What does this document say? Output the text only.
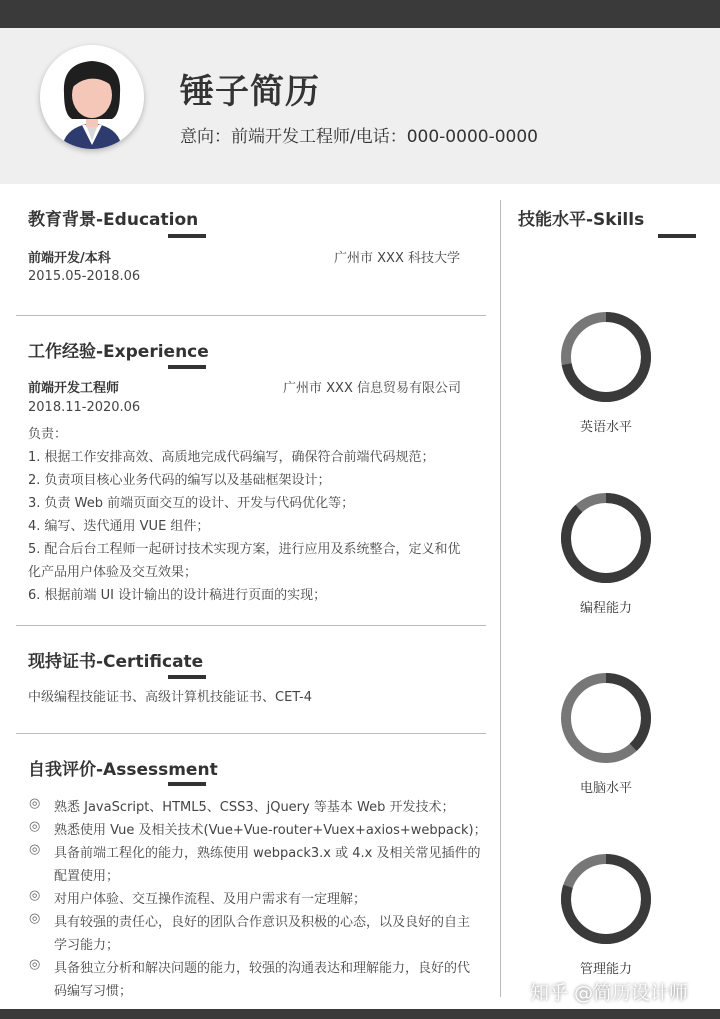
锤子简历
意向：前端开发工程师/电话：000-0000-0000
教育背景-Education
前端开发/本科	广州市 XXX 科技大学
2015.05-2018.06
工作经验-Experience
前端开发工程师	广州市 XXX 信息贸易有限公司
2018.11-2020.06
负责：
1. 根据工作安排高效、高质地完成代码编写，确保符合前端代码规范；
2. 负责项目核心业务代码的编写以及基础框架设计；
3. 负责 Web 前端页面交互的设计、开发与代码优化等；
4. 编写、迭代通用 VUE 组件；
5. 配合后台工程师一起研讨技术实现方案，进行应用及系统整合，定义和优
化产品用户体验及交互效果；
6. 根据前端 UI 设计输出的设计稿进行页面的实现；
现持证书-Certificate
中级编程技能证书、高级计算机技能证书、CET-4
自我评价-Assessment
◎ 熟悉 JavaScript、HTML5、CSS3、jQuery 等基本 Web 开发技术；
◎ 熟悉使用 Vue 及相关技术(Vue+Vue-router+Vuex+axios+webpack)；
◎ 具备前端工程化的能力，熟练使用 webpack3.x 或 4.x 及相关常见插件的
配置使用；
◎ 对用户体验、交互操作流程、及用户需求有一定理解；
◎ 具有较强的责任心，良好的团队合作意识及积极的心态，以及良好的自主
学习能力；
◎ 具备独立分析和解决问题的能力，较强的沟通表达和理解能力，良好的代
码编写习惯；
技能水平-Skills
英语水平
编程能力
电脑水平
管理能力
知乎 @简历设计师
